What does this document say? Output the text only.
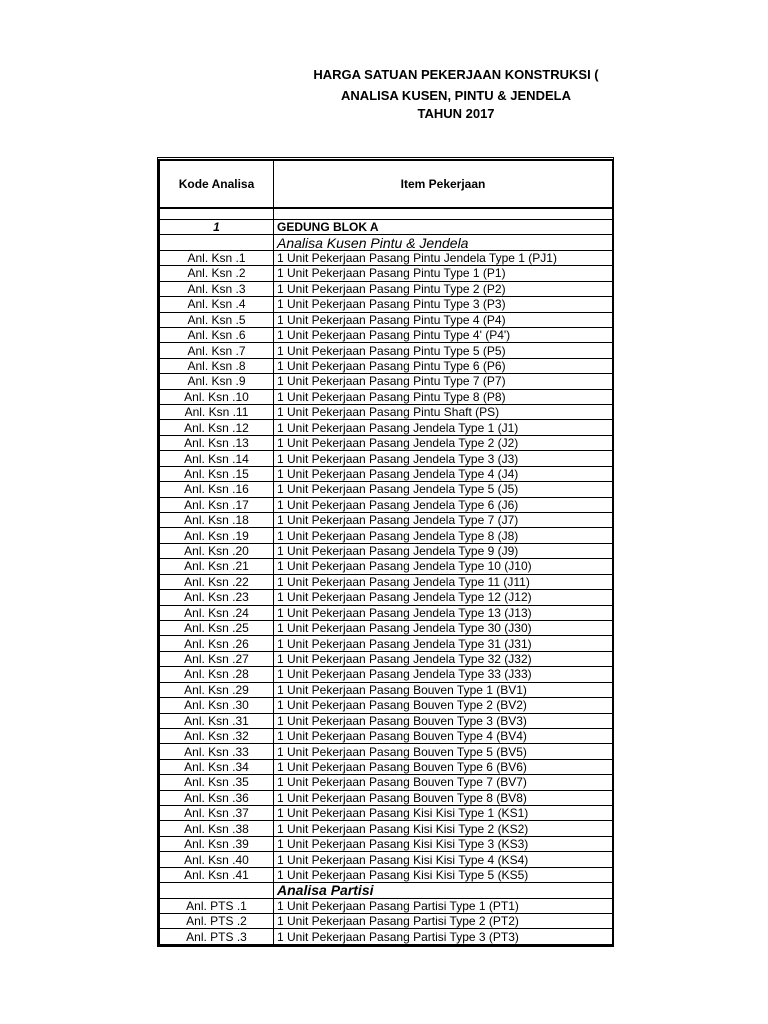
HARGA SATUAN PEKERJAAN KONSTRUKSI (
ANALISA KUSEN, PINTU & JENDELA
TAHUN 2017
Kode Analisa	Item Pekerjaan

1	GEDUNG BLOK A
	Analisa Kusen Pintu & Jendela
Anl. Ksn .1	1 Unit Pekerjaan Pasang Pintu Jendela Type 1 (PJ1)
Anl. Ksn .2	1 Unit Pekerjaan Pasang Pintu Type 1 (P1)
Anl. Ksn .3	1 Unit Pekerjaan Pasang Pintu Type 2 (P2)
Anl. Ksn .4	1 Unit Pekerjaan Pasang Pintu Type 3 (P3)
Anl. Ksn .5	1 Unit Pekerjaan Pasang Pintu Type 4 (P4)
Anl. Ksn .6	1 Unit Pekerjaan Pasang Pintu Type 4' (P4')
Anl. Ksn .7	1 Unit Pekerjaan Pasang Pintu Type 5 (P5)
Anl. Ksn .8	1 Unit Pekerjaan Pasang Pintu Type 6 (P6)
Anl. Ksn .9	1 Unit Pekerjaan Pasang Pintu Type 7 (P7)
Anl. Ksn .10	1 Unit Pekerjaan Pasang Pintu Type 8 (P8)
Anl. Ksn .11	1 Unit Pekerjaan Pasang Pintu Shaft (PS)
Anl. Ksn .12	1 Unit Pekerjaan Pasang Jendela Type 1 (J1)
Anl. Ksn .13	1 Unit Pekerjaan Pasang Jendela Type 2 (J2)
Anl. Ksn .14	1 Unit Pekerjaan Pasang Jendela Type 3 (J3)
Anl. Ksn .15	1 Unit Pekerjaan Pasang Jendela Type 4 (J4)
Anl. Ksn .16	1 Unit Pekerjaan Pasang Jendela Type 5 (J5)
Anl. Ksn .17	1 Unit Pekerjaan Pasang Jendela Type 6 (J6)
Anl. Ksn .18	1 Unit Pekerjaan Pasang Jendela Type 7 (J7)
Anl. Ksn .19	1 Unit Pekerjaan Pasang Jendela Type 8 (J8)
Anl. Ksn .20	1 Unit Pekerjaan Pasang Jendela Type 9 (J9)
Anl. Ksn .21	1 Unit Pekerjaan Pasang Jendela Type 10 (J10)
Anl. Ksn .22	1 Unit Pekerjaan Pasang Jendela Type 11 (J11)
Anl. Ksn .23	1 Unit Pekerjaan Pasang Jendela Type 12 (J12)
Anl. Ksn .24	1 Unit Pekerjaan Pasang Jendela Type 13 (J13)
Anl. Ksn .25	1 Unit Pekerjaan Pasang Jendela Type 30 (J30)
Anl. Ksn .26	1 Unit Pekerjaan Pasang Jendela Type 31 (J31)
Anl. Ksn .27	1 Unit Pekerjaan Pasang Jendela Type 32 (J32)
Anl. Ksn .28	1 Unit Pekerjaan Pasang Jendela Type 33 (J33)
Anl. Ksn .29	1 Unit Pekerjaan Pasang Bouven Type 1 (BV1)
Anl. Ksn .30	1 Unit Pekerjaan Pasang Bouven Type 2 (BV2)
Anl. Ksn .31	1 Unit Pekerjaan Pasang Bouven Type 3 (BV3)
Anl. Ksn .32	1 Unit Pekerjaan Pasang Bouven Type 4 (BV4)
Anl. Ksn .33	1 Unit Pekerjaan Pasang Bouven Type 5 (BV5)
Anl. Ksn .34	1 Unit Pekerjaan Pasang Bouven Type 6 (BV6)
Anl. Ksn .35	1 Unit Pekerjaan Pasang Bouven Type 7 (BV7)
Anl. Ksn .36	1 Unit Pekerjaan Pasang Bouven Type 8 (BV8)
Anl. Ksn .37	1 Unit Pekerjaan Pasang Kisi Kisi Type 1 (KS1)
Anl. Ksn .38	1 Unit Pekerjaan Pasang Kisi Kisi Type 2 (KS2)
Anl. Ksn .39	1 Unit Pekerjaan Pasang Kisi Kisi Type 3 (KS3)
Anl. Ksn .40	1 Unit Pekerjaan Pasang Kisi Kisi Type 4 (KS4)
Anl. Ksn .41	1 Unit Pekerjaan Pasang Kisi Kisi Type 5 (KS5)
	Analisa Partisi
Anl. PTS .1	1 Unit Pekerjaan Pasang Partisi Type 1 (PT1)
Anl. PTS .2	1 Unit Pekerjaan Pasang Partisi Type 2 (PT2)
Anl. PTS .3	1 Unit Pekerjaan Pasang Partisi Type 3 (PT3)
